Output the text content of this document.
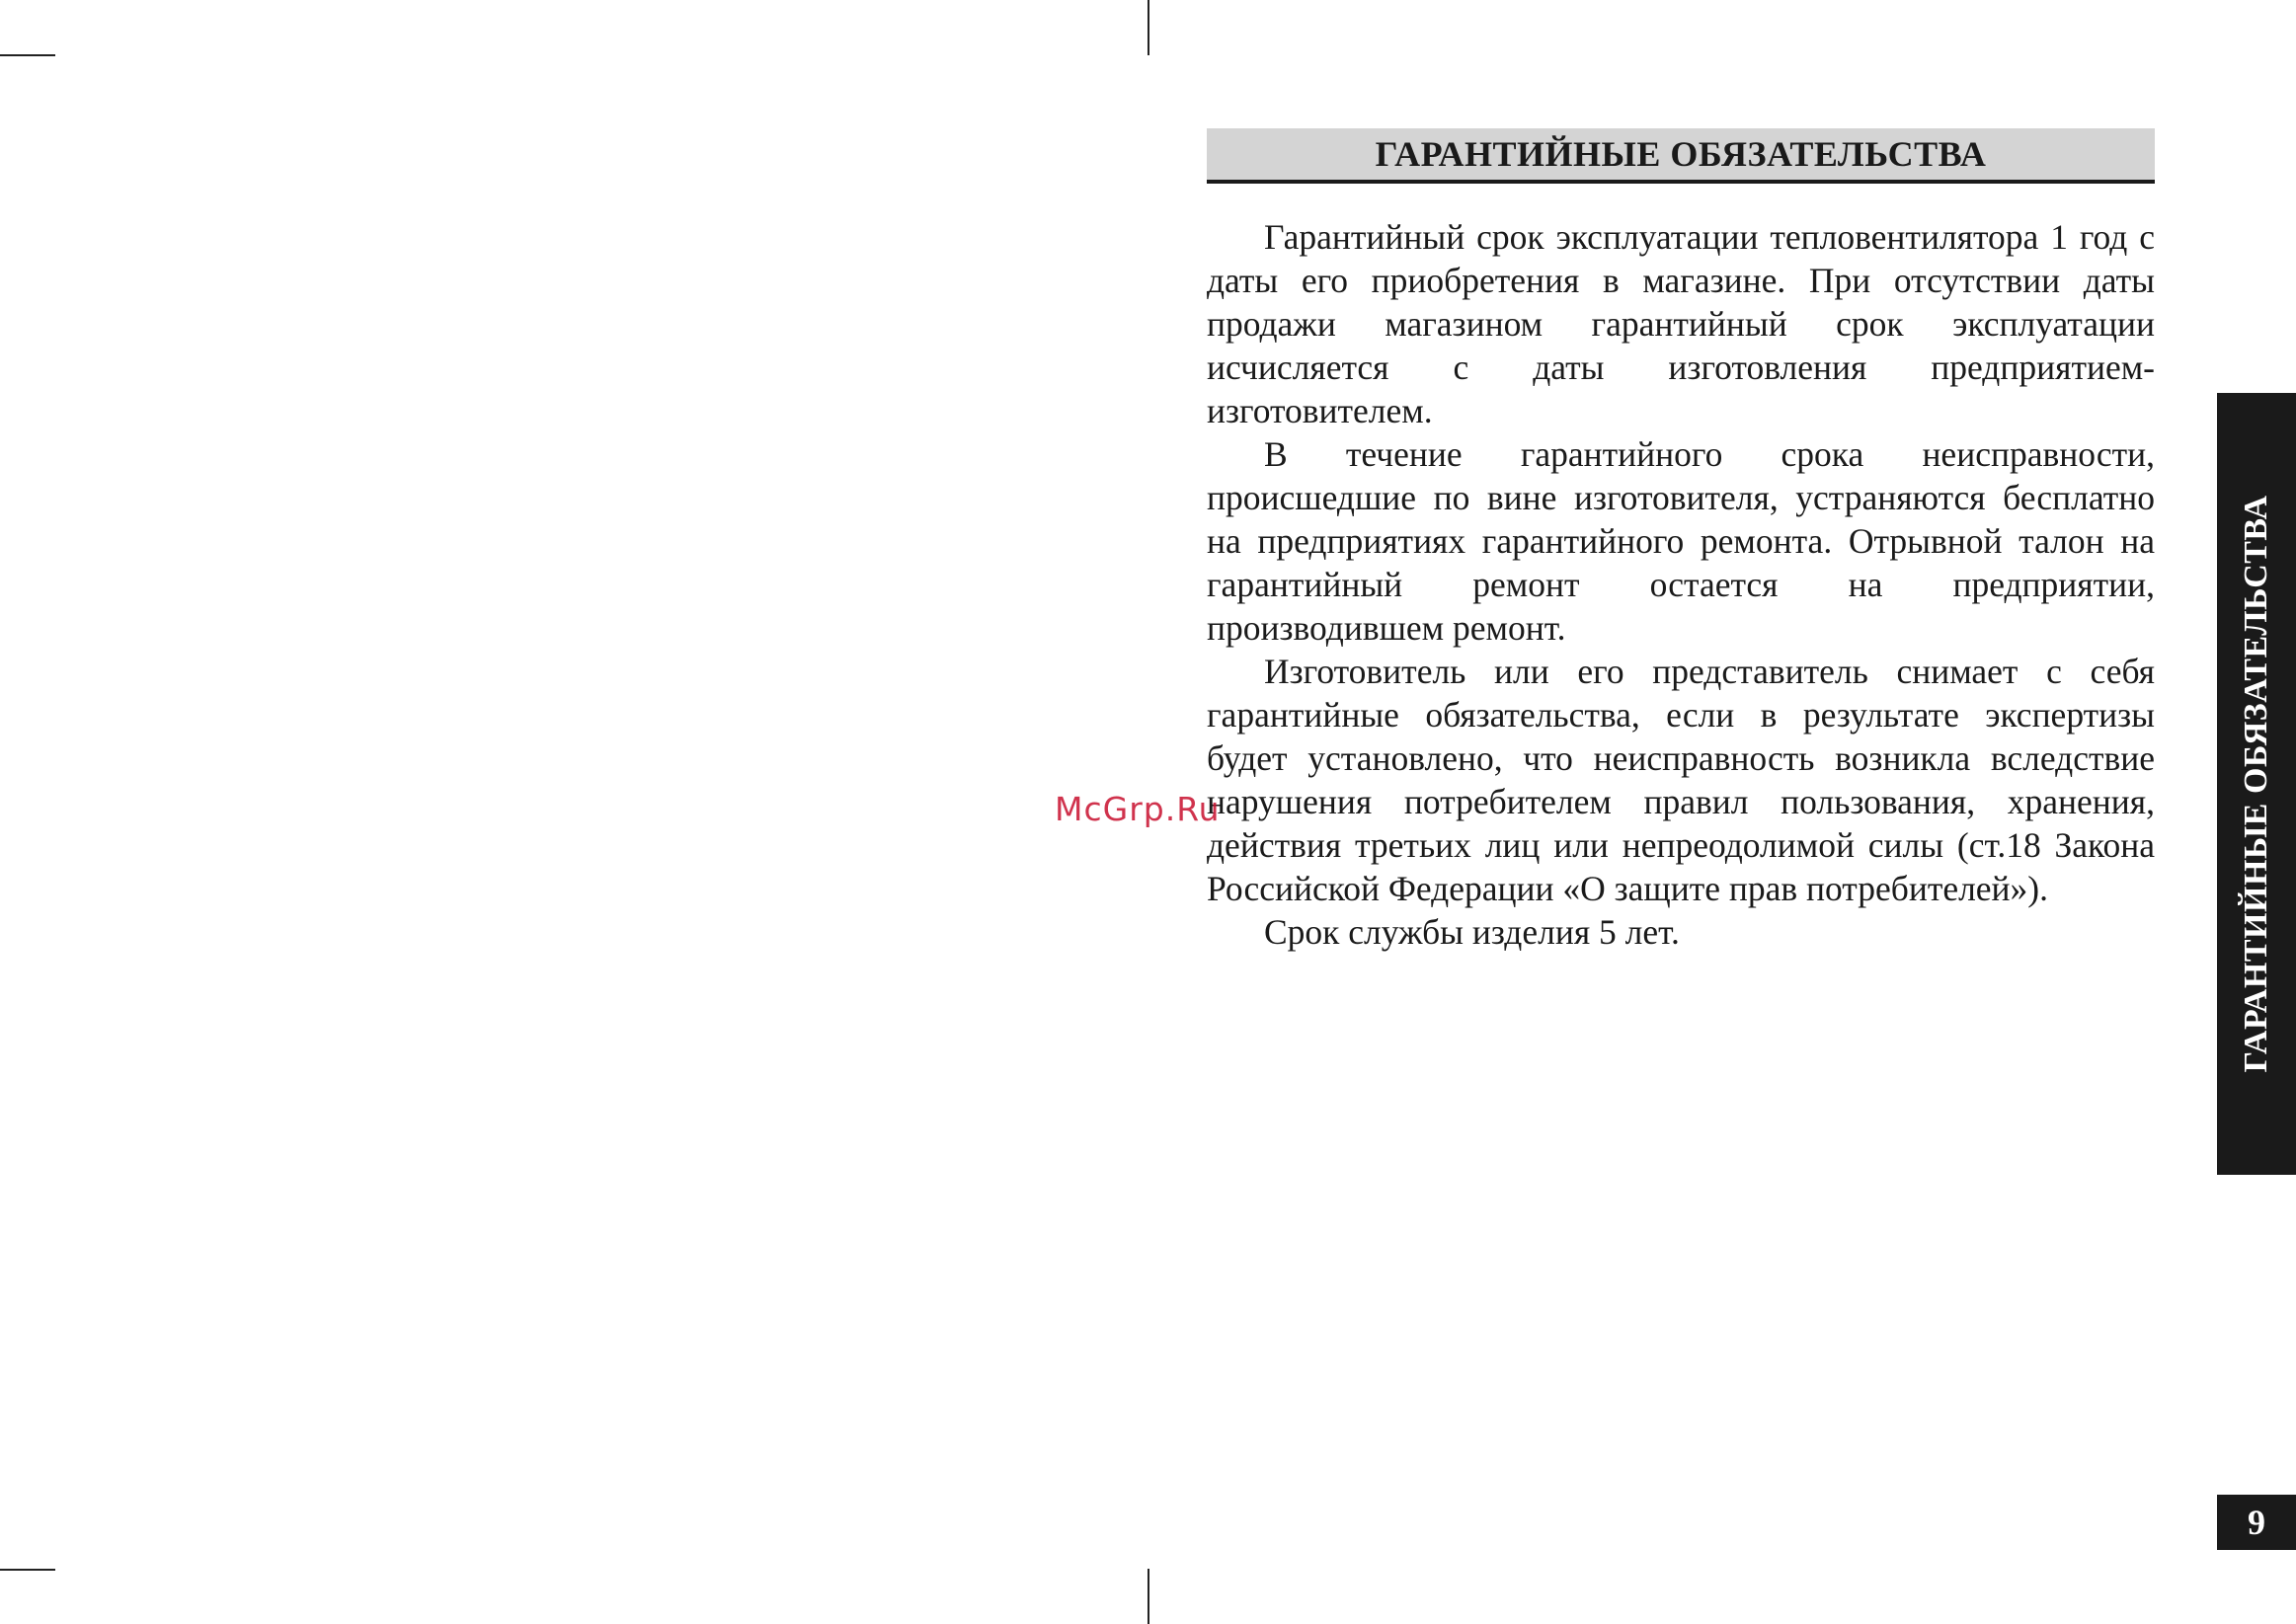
ГАРАНТИЙНЫЕ ОБЯЗАТЕЛЬСТВА

Гарантийный срок эксплуатации тепловентилятора 1 год с даты его приобретения в магазине. При отсутствии даты продажи магазином гарантийный срок эксплуатации исчисляется с даты изготовления предприятием-изготовителем.

В течение гарантийного срока неисправности, происшедшие по вине изготовителя, устраняются бесплатно на предприятиях гарантийного ремонта. Отрывной талон на гарантийный ремонт остается на предприятии, производившем ремонт.

Изготовитель или его представитель снимает с себя гарантийные обязательства, если в результате экспертизы будет установлено, что неисправность возникла вследствие нарушения потребителем правил пользования, хранения, действия третьих лиц или непреодолимой силы (ст.18 Закона Российской Федерации «О защите прав потребителей»).

Срок службы изделия 5 лет.

McGrp.Ru	ГАРАНТИЙНЫЕ ОБЯЗАТЕЛЬСТВА
9
